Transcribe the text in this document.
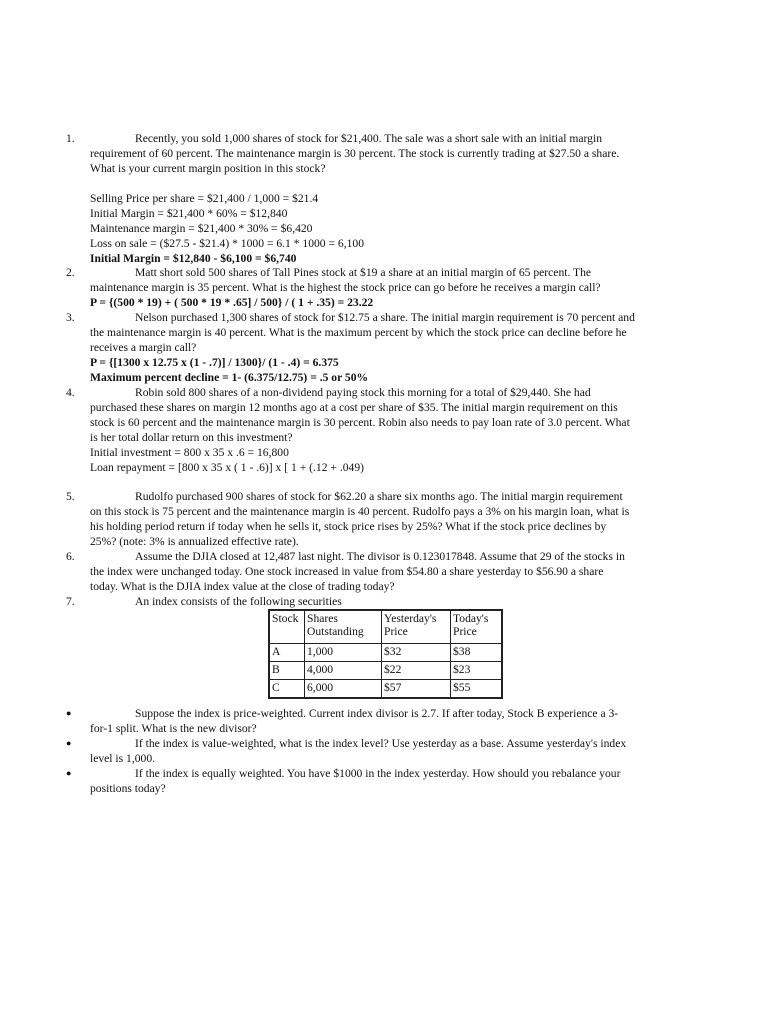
1.	Recently, you sold 1,000 shares of stock for $21,400. The sale was a short sale with an initial margin
requirement of 60 percent. The maintenance margin is 30 percent. The stock is currently trading at $27.50 a share.
What is your current margin position in this stock?
Selling Price per share = $21,400 / 1,000 = $21.4
Initial Margin = $21,400 * 60% = $12,840
Maintenance margin = $21,400 * 30% = $6,420
Loss on sale = ($27.5 - $21.4) * 1000 = 6.1 * 1000 = 6,100
Initial Margin = $12,840 - $6,100 = $6,740
2.	Matt short sold 500 shares of Tall Pines stock at $19 a share at an initial margin of 65 percent. The
maintenance margin is 35 percent. What is the highest the stock price can go before he receives a margin call?
P = {(500 * 19) + ( 500 * 19 * .65] / 500} / ( 1 + .35) = 23.22
3.	Nelson purchased 1,300 shares of stock for $12.75 a share. The initial margin requirement is 70 percent and
the maintenance margin is 40 percent. What is the maximum percent by which the stock price can decline before he
receives a margin call?
P = {[1300 x 12.75 x (1 - .7)] / 1300}/ (1 - .4) = 6.375
Maximum percent decline = 1- (6.375/12.75) = .5 or 50%
4.	Robin sold 800 shares of a non-dividend paying stock this morning for a total of $29,440. She had
purchased these shares on margin 12 months ago at a cost per share of $35. The initial margin requirement on this
stock is 60 percent and the maintenance margin is 30 percent. Robin also needs to pay loan rate of 3.0 percent. What
is her total dollar return on this investment?
Initial investment = 800 x 35 x .6 = 16,800
Loan repayment = [800 x 35 x ( 1 - .6)] x [ 1 + (.12 + .049)
5.	Rudolfo purchased 900 shares of stock for $62.20 a share six months ago. The initial margin requirement
on this stock is 75 percent and the maintenance margin is 40 percent. Rudolfo pays a 3% on his margin loan, what is
his holding period return if today when he sells it, stock price rises by 25%? What if the stock price declines by
25%? (note: 3% is annualized effective rate).
6.	Assume the DJIA closed at 12,487 last night. The divisor is 0.123017848. Assume that 29 of the stocks in
the index were unchanged today. One stock increased in value from $54.80 a share yesterday to $56.90 a share
today. What is the DJIA index value at the close of trading today?
7.	An index consists of the following securities
Stock	Shares Outstanding	Yesterday's Price	Today's Price
A	1,000	$32	$38
B	4,000	$22	$23
C	6,000	$57	$55
●	Suppose the index is price-weighted. Current index divisor is 2.7. If after today, Stock B experience a 3-
for-1 split. What is the new divisor?
●	If the index is value-weighted, what is the index level? Use yesterday as a base. Assume yesterday's index
level is 1,000.
●	If the index is equally weighted. You have $1000 in the index yesterday. How should you rebalance your
positions today?
